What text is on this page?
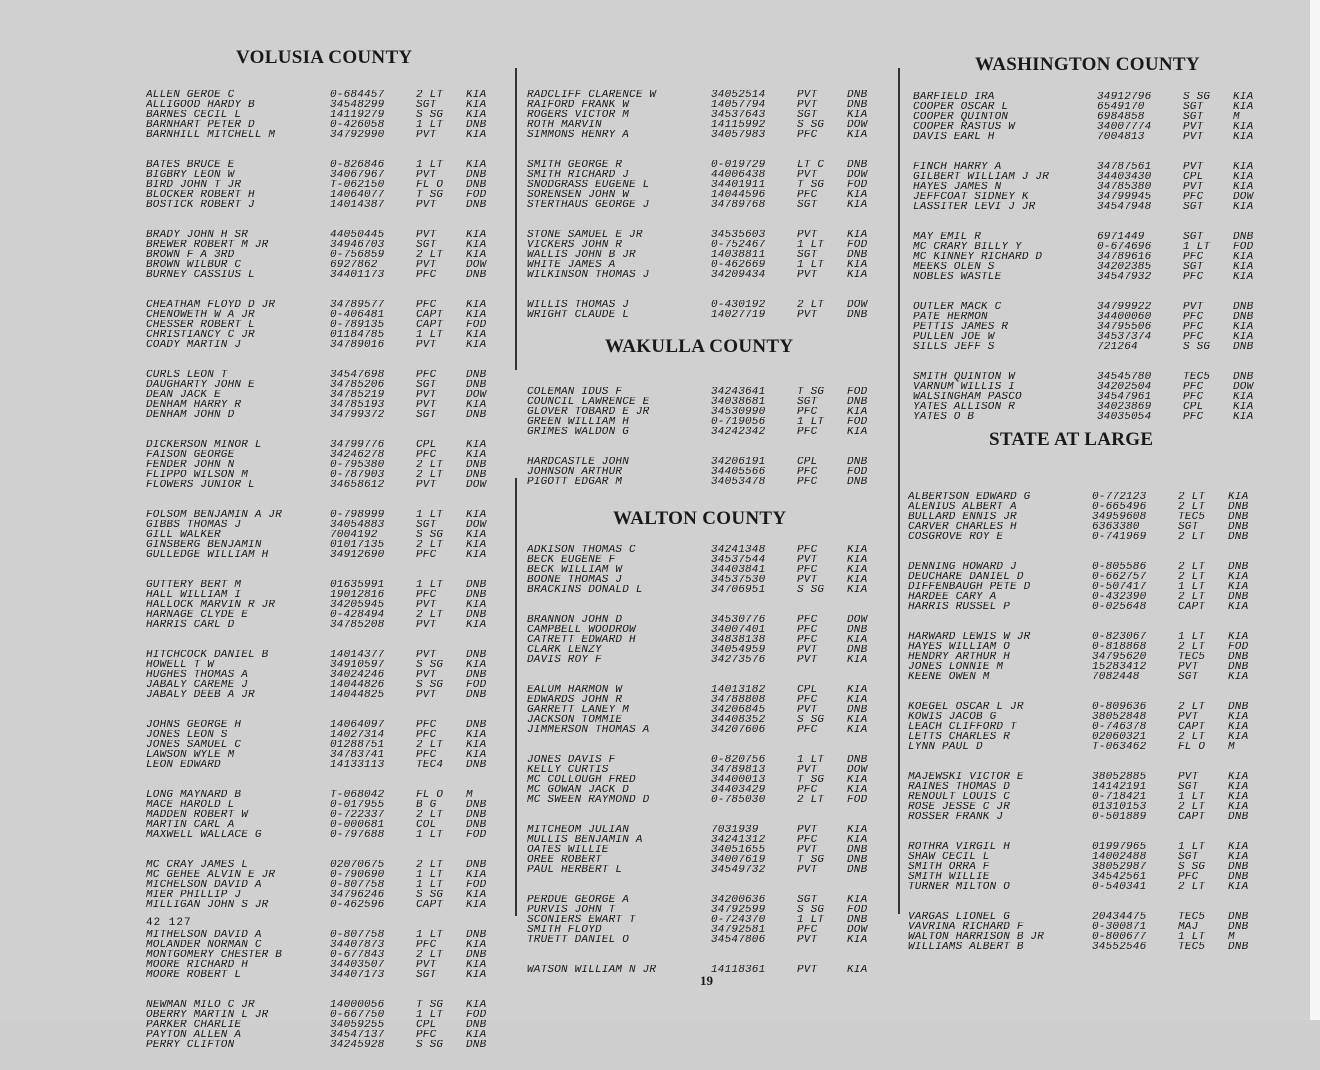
VOLUSIA COUNTY
ALLEN GEROE C	0-684457	2 LT	KIA
ALLIGOOD HARDY B	34548299	SGT	KIA
BARNES CECIL L	14119279	S SG	KIA
BARNHART PETER D	0-426058	1 LT	DNB
BARNHILL MITCHELL M	34792990	PVT	KIA
BATES BRUCE E	0-826846	1 LT	KIA
BIGBRY LEON W	34067967	PVT	DNB
BIRD JOHN T JR	T-062150	FL O	DNB
BLOCKER ROBERT H	14064077	T SG	FOD
BOSTICK ROBERT J	14014387	PVT	DNB
BRADY JOHN H SR	44050445	PVT	KIA
BREWER ROBERT M JR	34946703	SGT	KIA
BROWN F A 3RD	0-756859	2 LT	KIA
BROWN WILBUR C	6927862	PVT	DOW
BURNEY CASSIUS L	34401173	PFC	DNB
CHEATHAM FLOYD D JR	34789577	PFC	KIA
CHENOWETH W A JR	0-406481	CAPT	KIA
CHESSER ROBERT L	0-789135	CAPT	FOD
CHRISTIANCY C JR	01184785	1 LT	KIA
COADY MARTIN J	34789016	PVT	KIA
CURLS LEON T	34547698	PFC	DNB
DAUGHARTY JOHN E	34785206	SGT	DNB
DEAN JACK E	34785219	PVT	DOW
DENHAM HARRY R	34785193	PVT	KIA
DENHAM JOHN D	34799372	SGT	DNB
DICKERSON MINOR L	34799776	CPL	KIA
FAISON GEORGE	34246278	PFC	KIA
FENDER JOHN N	0-795380	2 LT	DNB
FLIPPO WILSON M	0-787903	2 LT	DNB
FLOWERS JUNIOR L	34658612	PVT	DOW
FOLSOM BENJAMIN A JR	0-798999	1 LT	KIA
GIBBS THOMAS J	34054883	SGT	DOW
GILL WALKER	7004192	S SG	KIA
GINSBERG BENJAMIN	01017135	2 LT	KIA
GULLEDGE WILLIAM H	34912690	PFC	KIA
GUTTERY BERT M	01635991	1 LT	DNB
HALL WILLIAM I	19012816	PFC	DNB
HALLOCK MARVIN R JR	34205945	PVT	KIA
HARNAGE CLYDE E	0-428494	2 LT	DNB
HARRIS CARL D	34785208	PVT	KIA
HITCHCOCK DANIEL B	14014377	PVT	DNB
HOWELL T W	34910597	S SG	KIA
HUGHES THOMAS A	34024246	PVT	DNB
JABALY CAREME J	14044826	S SG	FOD
JABALY DEEB A JR	14044825	PVT	DNB
JOHNS GEORGE H	14064097	PFC	DNB
JONES LEON S	14027314	PFC	KIA
JONES SAMUEL C	01288751	2 LT	KIA
LAWSON WYLE M	34783741	PFC	KIA
LEON EDWARD	14133113	TEC4	DNB
LONG MAYNARD B	T-068042	FL O	M
MACE HAROLD L	0-017955	B G	DNB
MADDEN ROBERT W	0-722337	2 LT	DNB
MARTIN CARL A	0-000681	COL	DNB
MAXWELL WALLACE G	0-797688	1 LT	FOD
MC CRAY JAMES L	02070675	2 LT	DNB
MC GEHEE ALVIN E JR	0-790690	1 LT	KIA
MICHELSON DAVID A	0-807758	1 LT	FOD
MIER PHILLIP J	34796246	S SG	KIA
MILLIGAN JOHN S JR	0-462596	CAPT	KIA
MITHELSON DAVID A	0-807758	1 LT	DNB
MOLANDER NORMAN C	34407873	PFC	KIA
MONTGOMERY CHESTER B	0-677843	2 LT	DNB
MOORE RICHARD H	34403507	PVT	KIA
MOORE ROBERT L	34407173	SGT	KIA
NEWMAN MILO C JR	14000056	T SG	KIA
OBERRY MARTIN L JR	0-667750	1 LT	FOD
PARKER CHARLIE	34059255	CPL	DNB
PAYTON ALLEN A	34547137	PFC	KIA
PERRY CLIFTON	34245928	S SG	DNB
42 127
RADCLIFF CLARENCE W	34052514	PVT	DNB
RAIFORD FRANK W	14057794	PVT	DNB
ROGERS VICTOR M	34537643	SGT	KIA
ROTH MARVIN	14115992	S SG	DOW
SIMMONS HENRY A	34057983	PFC	KIA
SMITH GEORGE R	0-019729	LT C	DNB
SMITH RICHARD J	44006438	PVT	DOW
SNODGRASS EUGENE L	34401911	T SG	FOD
SORENSEN JOHN W	14044596	PFC	KIA
STERTHAUS GEORGE J	34789768	SGT	KIA
STONE SAMUEL E JR	34535603	PVT	KIA
VICKERS JOHN R	0-752467	1 LT	FOD
WALLIS JOHN B JR	14038811	SGT	DNB
WHITE JAMES A	0-462669	1 LT	KIA
WILKINSON THOMAS J	34209434	PVT	KIA
WILLIS THOMAS J	0-430192	2 LT	DOW
WRIGHT CLAUDE L	14027719	PVT	DNB
WAKULLA COUNTY
COLEMAN IDUS F	34243641	T SG	FOD
COUNCIL LAWRENCE E	34038681	SGT	DNB
GLOVER TOBARD E JR	34530990	PFC	KIA
GREEN WILLIAM H	0-719056	1 LT	FOD
GRIMES WALDON G	34242342	PFC	KIA
HARDCASTLE JOHN	34206191	CPL	DNB
JOHNSON ARTHUR	34405566	PFC	FOD
PIGOTT EDGAR M	34053478	PFC	DNB
WALTON COUNTY
ADKISON THOMAS C	34241348	PFC	KIA
BECK EUGENE F	34537544	PVT	KIA
BECK WILLIAM W	34403841	PFC	KIA
BOONE THOMAS J	34537530	PVT	KIA
BRACKINS DONALD L	34706951	S SG	KIA
BRANNON JOHN D	34530776	PFC	DOW
CAMPBELL WOODROW	34007401	PFC	DNB
CATRETT EDWARD H	34838138	PFC	KIA
CLARK LENZY	34054959	PVT	DNB
DAVIS ROY F	34273576	PVT	KIA
EALUM HARMON W	14013182	CPL	KIA
EDWARDS JOHN R	34788808	PFC	KIA
GARRETT LANEY M	34206845	PVT	DNB
JACKSON TOMMIE	34408352	S SG	KIA
JIMMERSON THOMAS A	34207606	PFC	KIA
JONES DAVIS F	0-820756	1 LT	DNB
KELLY CURTIS	34789813	PVT	DOW
MC COLLOUGH FRED	34400013	T SG	KIA
MC GOWAN JACK D	34403429	PFC	KIA
MC SWEEN RAYMOND D	0-785030	2 LT	FOD
MITCHEOM JULIAN	7031939	PVT	KIA
MULLIS BENJAMIN A	34241312	PFC	KIA
OATES WILLIE	34051655	PVT	DNB
OREE ROBERT	34007619	T SG	DNB
PAUL HERBERT L	34549732	PVT	DNB
PERDUE GEORGE A	34200636	SGT	KIA
PURVIS JOHN T	34792599	S SG	FOD
SCONIERS EWART T	0-724370	1 LT	DNB
SMITH FLOYD	34792581	PFC	DOW
TRUETT DANIEL O	34547806	PVT	KIA
WATSON WILLIAM N JR	14118361	PVT	KIA
WASHINGTON COUNTY
BARFIELD IRA	34912796	S SG	KIA
COOPER OSCAR L	6549170	SGT	KIA
COOPER QUINTON	6984858	SGT	M
COOPER RASTUS W	34007774	PVT	KIA
DAVIS EARL H	7004813	PVT	KIA
FINCH HARRY A	34787561	PVT	KIA
GILBERT WILLIAM J JR	34403430	CPL	KIA
HAYES JAMES N	34785380	PVT	KIA
JEFFCOAT SIDNEY K	34799945	PFC	DOW
LASSITER LEVI J JR	34547948	SGT	KIA
MAY EMIL R	6971449	SGT	DNB
MC CRARY BILLY Y	0-674696	1 LT	FOD
MC KINNEY RICHARD D	34789616	PFC	KIA
MEEKS OLEN S	34202385	SGT	KIA
NOBLES WASTLE	34547932	PFC	KIA
OUTLER MACK C	34799922	PVT	DNB
PATE HERMON	34400060	PFC	DNB
PETTIS JAMES R	34795506	PFC	KIA
PULLEN JOE W	34537374	PFC	KIA
SILLS JEFF S	721264	S SG	DNB
SMITH QUINTON W	34545780	TEC5	DNB
VARNUM WILLIS I	34202504	PFC	DOW
WALSINGHAM PASCO	34547961	PFC	KIA
YATES ALLISON R	34023869	CPL	KIA
YATES O B	34035054	PFC	KIA
STATE AT LARGE
ALBERTSON EDWARD G	0-772123	2 LT	KIA
ALENIUS ALBERT A	0-665496	2 LT	DNB
BULLARD ENNIS JR	34959608	TEC5	DNB
CARVER CHARLES H	6363380	SGT	DNB
COSGROVE ROY E	0-741969	2 LT	DNB
DENNING HOWARD J	0-805586	2 LT	DNB
DEUCHARE DANIEL D	0-662757	2 LT	KIA
DIFFENBAUGH PETE D	0-507417	1 LT	KIA
HARDEE CARY A	0-432390	2 LT	DNB
HARRIS RUSSEL P	0-025648	CAPT	KIA
HARWARD LEWIS W JR	0-823067	1 LT	KIA
HAYES WILLIAM O	0-818868	2 LT	FOD
HENDRY ARTHUR H	34795620	TEC5	DNB
JONES LONNIE M	15283412	PVT	DNB
KEENE OWEN M	7082448	SGT	KIA
KOEGEL OSCAR L JR	0-809636	2 LT	DNB
KOWIS JACOB G	38052848	PVT	KIA
LEACH CLIFFORD T	0-746378	CAPT	KIA
LETTS CHARLES R	02060321	2 LT	KIA
LYNN PAUL D	T-063462	FL O	M
MAJEWSKI VICTOR E	38052885	PVT	KIA
RAINES THOMAS D	14142191	SGT	KIA
RENOULT LOUIS C	0-718421	1 LT	KIA
ROSE JESSE C JR	01310153	2 LT	KIA
ROSSER FRANK J	0-501889	CAPT	DNB
ROTHRA VIRGIL H	01997965	1 LT	KIA
SHAW CECIL L	14002488	SGT	KIA
SMITH ORRA F	38052987	S SG	DNB
SMITH WILLIE	34542561	PFC	DNB
TURNER MILTON O	0-540341	2 LT	KIA
VARGAS LIONEL G	20434475	TEC5	DNB
VAVRINA RICHARD F	0-300871	MAJ	DNB
WALTON HARRISON B JR	0-800677	1 LT	M
WILLIAMS ALBERT B	34552546	TEC5	DNB
19
